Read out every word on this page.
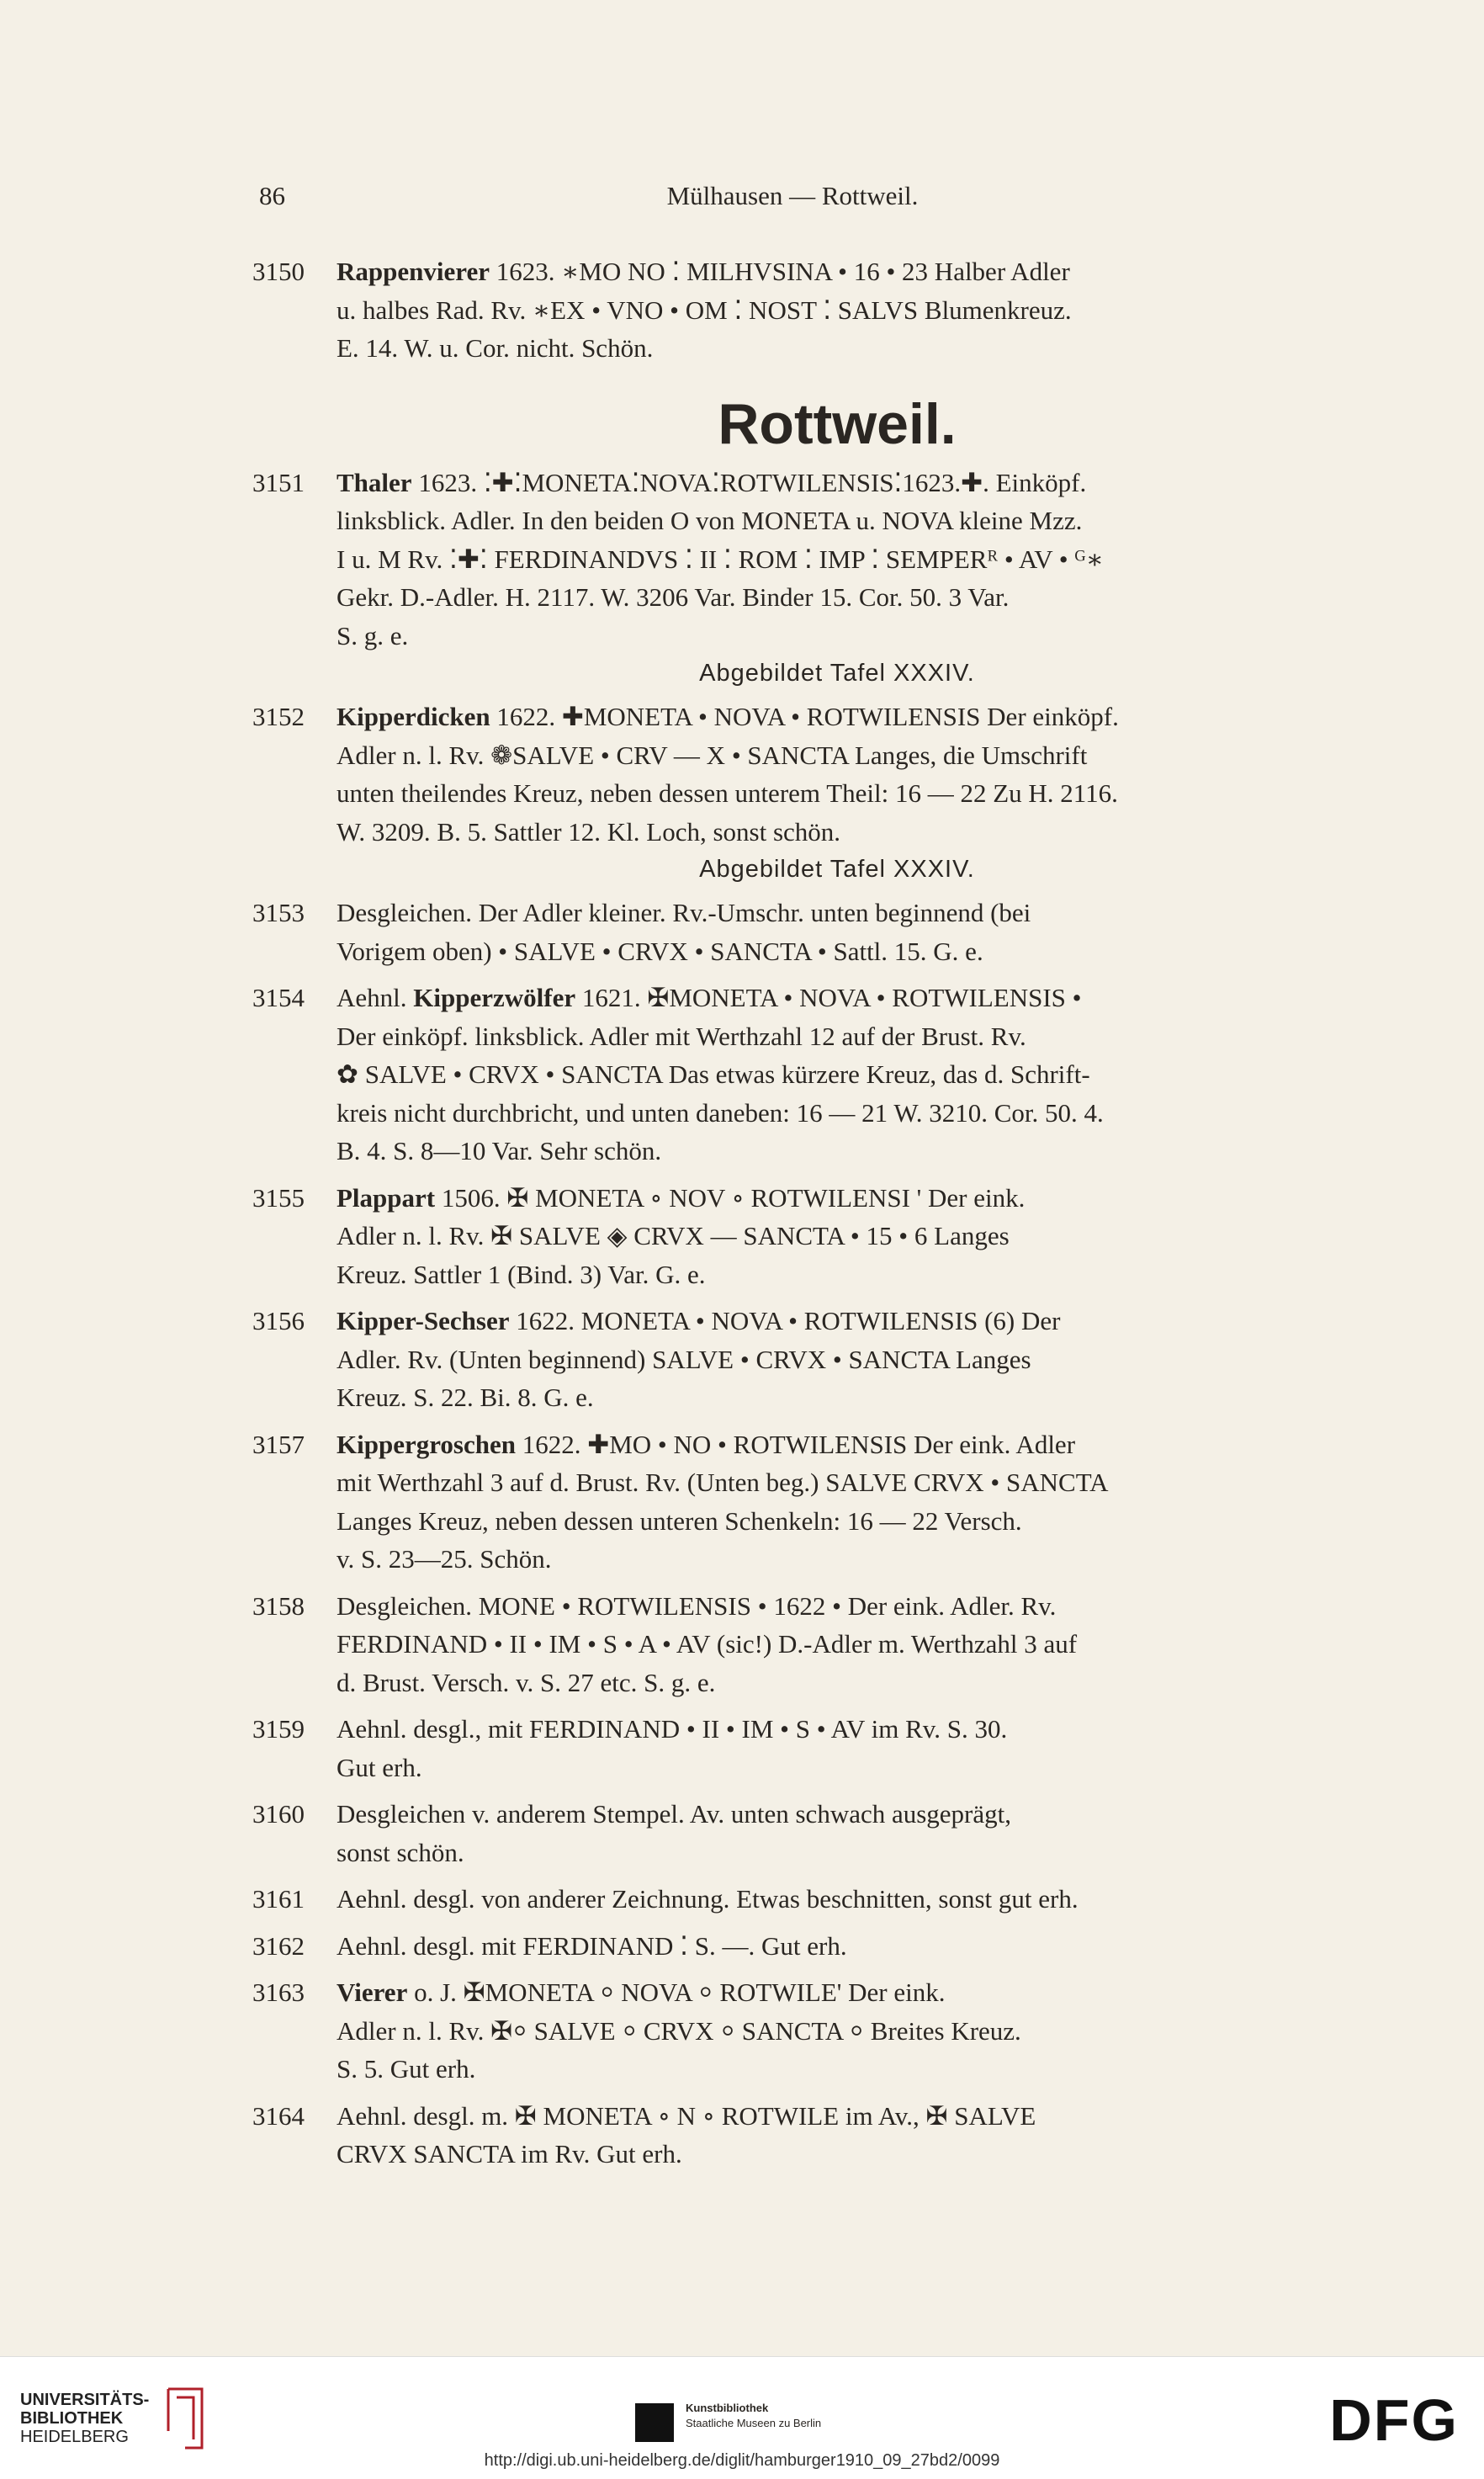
86	Mülhausen — Rottweil.
3150 Rappenvierer 1623. ∗MO NO ⁚ MILHVSINA • 16 • 23 Halber Adler
u. halbes Rad. Rv. ∗EX • VNO • OM ⁚ NOST ⁚ SALVS Blumenkreuz.
E. 14. W. u. Cor. nicht. Schön.
Rottweil.
3151 Thaler 1623. ⁚✚⁚MONETA⁚NOVA⁚ROTWILENSIS⁚1623.✚. Einköpf.
linksblick. Adler. In den beiden O von MONETA u. NOVA kleine Mzz.
I u. M Rv. ⁚✚⁚ FERDINANDVS ⁚ II ⁚ ROM ⁚ IMP ⁚ SEMPERᴿ • AV • ᴳ∗
Gekr. D.-Adler. H. 2117. W. 3206 Var. Binder 15. Cor. 50. 3 Var.
S. g. e.
Abgebildet Tafel XXXIV.
3152 Kipperdicken 1622. ✚MONETA • NOVA • ROTWILENSIS Der einköpf.
Adler n. l. Rv. ❁SALVE • CRV — X • SANCTA Langes, die Umschrift
unten theilendes Kreuz, neben dessen unterem Theil: 16 — 22 Zu H. 2116.
W. 3209. B. 5. Sattler 12. Kl. Loch, sonst schön.
Abgebildet Tafel XXXIV.
3153 Desgleichen. Der Adler kleiner. Rv.-Umschr. unten beginnend (bei
Vorigem oben) • SALVE • CRVX • SANCTA • Sattl. 15. G. e.
3154 Aehnl. Kipperzwölfer 1621. ✠MONETA • NOVA • ROTWILENSIS •
Der einköpf. linksblick. Adler mit Werthzahl 12 auf der Brust. Rv.
✿ SALVE • CRVX • SANCTA Das etwas kürzere Kreuz, das d. Schrift-
kreis nicht durchbricht, und unten daneben: 16 — 21 W. 3210. Cor. 50. 4.
B. 4. S. 8—10 Var. Sehr schön.
3155 Plappart 1506. ✠ MONETA ∘ NOV ∘ ROTWILENSI ' Der eink.
Adler n. l. Rv. ✠ SALVE ◈ CRVX — SANCTA • 15 • 6 Langes
Kreuz. Sattler 1 (Bind. 3) Var. G. e.
3156 Kipper-Sechser 1622. MONETA • NOVA • ROTWILENSIS (6) Der
Adler. Rv. (Unten beginnend) SALVE • CRVX • SANCTA Langes
Kreuz. S. 22. Bi. 8. G. e.
3157 Kippergroschen 1622. ✚MO • NO • ROTWILENSIS Der eink. Adler
mit Werthzahl 3 auf d. Brust. Rv. (Unten beg.) SALVE CRVX • SANCTA
Langes Kreuz, neben dessen unteren Schenkeln: 16 — 22 Versch.
v. S. 23—25. Schön.
3158 Desgleichen. MONE • ROTWILENSIS • 1622 • Der eink. Adler. Rv.
FERDINAND • II • IM • S • A • AV (sic!) D.-Adler m. Werthzahl 3 auf
d. Brust. Versch. v. S. 27 etc. S. g. e.
3159 Aehnl. desgl., mit FERDINAND • II • IM • S • AV im Rv. S. 30.
Gut erh.
3160 Desgleichen v. anderem Stempel. Av. unten schwach ausgeprägt,
sonst schön.
3161 Aehnl. desgl. von anderer Zeichnung. Etwas beschnitten, sonst gut erh.
3162 Aehnl. desgl. mit FERDINAND ⁚ S. —. Gut erh.
3163 Vierer o. J. ✠MONETA ⸰ NOVA ⸰ ROTWILE' Der eink.
Adler n. l. Rv. ✠⸰ SALVE ⸰ CRVX ⸰ SANCTA ⸰ Breites Kreuz.
S. 5. Gut erh.
3164 Aehnl. desgl. m. ✠ MONETA ∘ N ∘ ROTWILE im Av., ✠ SALVE
CRVX SANCTA im Rv. Gut erh.
UNIVERSITÄTS-
BIBLIOTHEK
HEIDELBERG
Kunstbibliothek
Staatliche Museen zu Berlin	DFG
http://digi.ub.uni-heidelberg.de/diglit/hamburger1910_09_27bd2/0099
